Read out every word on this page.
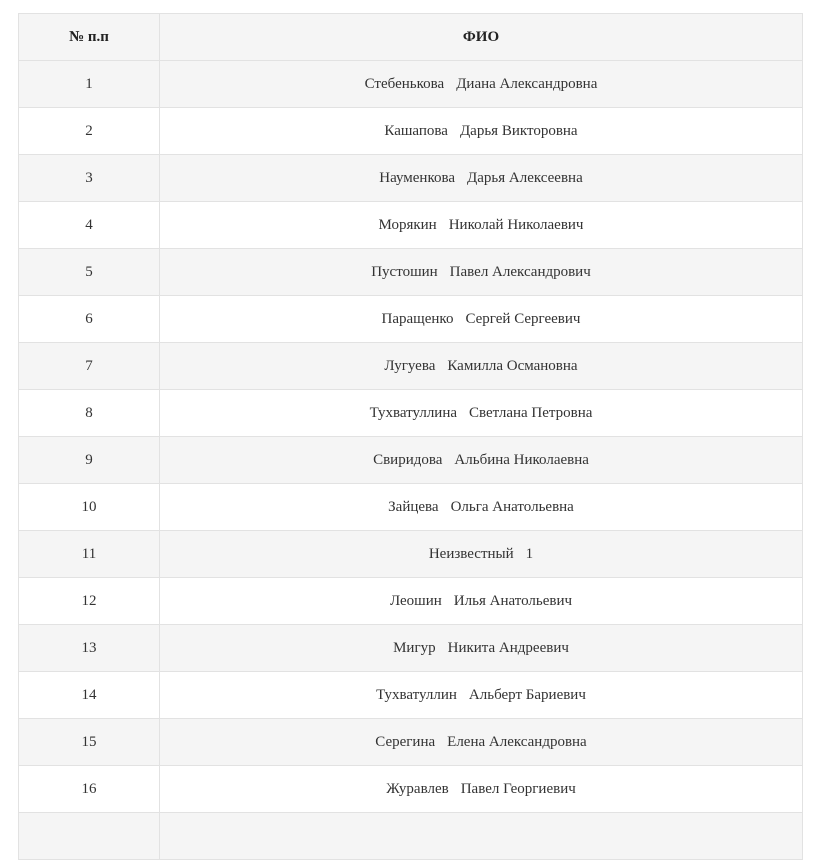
№ п.п	ФИО
1	Стебенькова Диана Александровна
2	Кашапова Дарья Викторовна
3	Науменкова Дарья Алексеевна
4	Морякин Николай Николаевич
5	Пустошин Павел Александрович
6	Паращенко Сергей Сергеевич
7	Лугуева Камилла Османовна
8	Тухватуллина Светлана Петровна
9	Свиридова Альбина Николаевна
10	Зайцева Ольга Анатольевна
11	Неизвестный 1
12	Леошин Илья Анатольевич
13	Мигур Никита Андреевич
14	Тухватуллин Альберт Бариевич
15	Серегина Елена Александровна
16	Журавлев Павел Георгиевич
